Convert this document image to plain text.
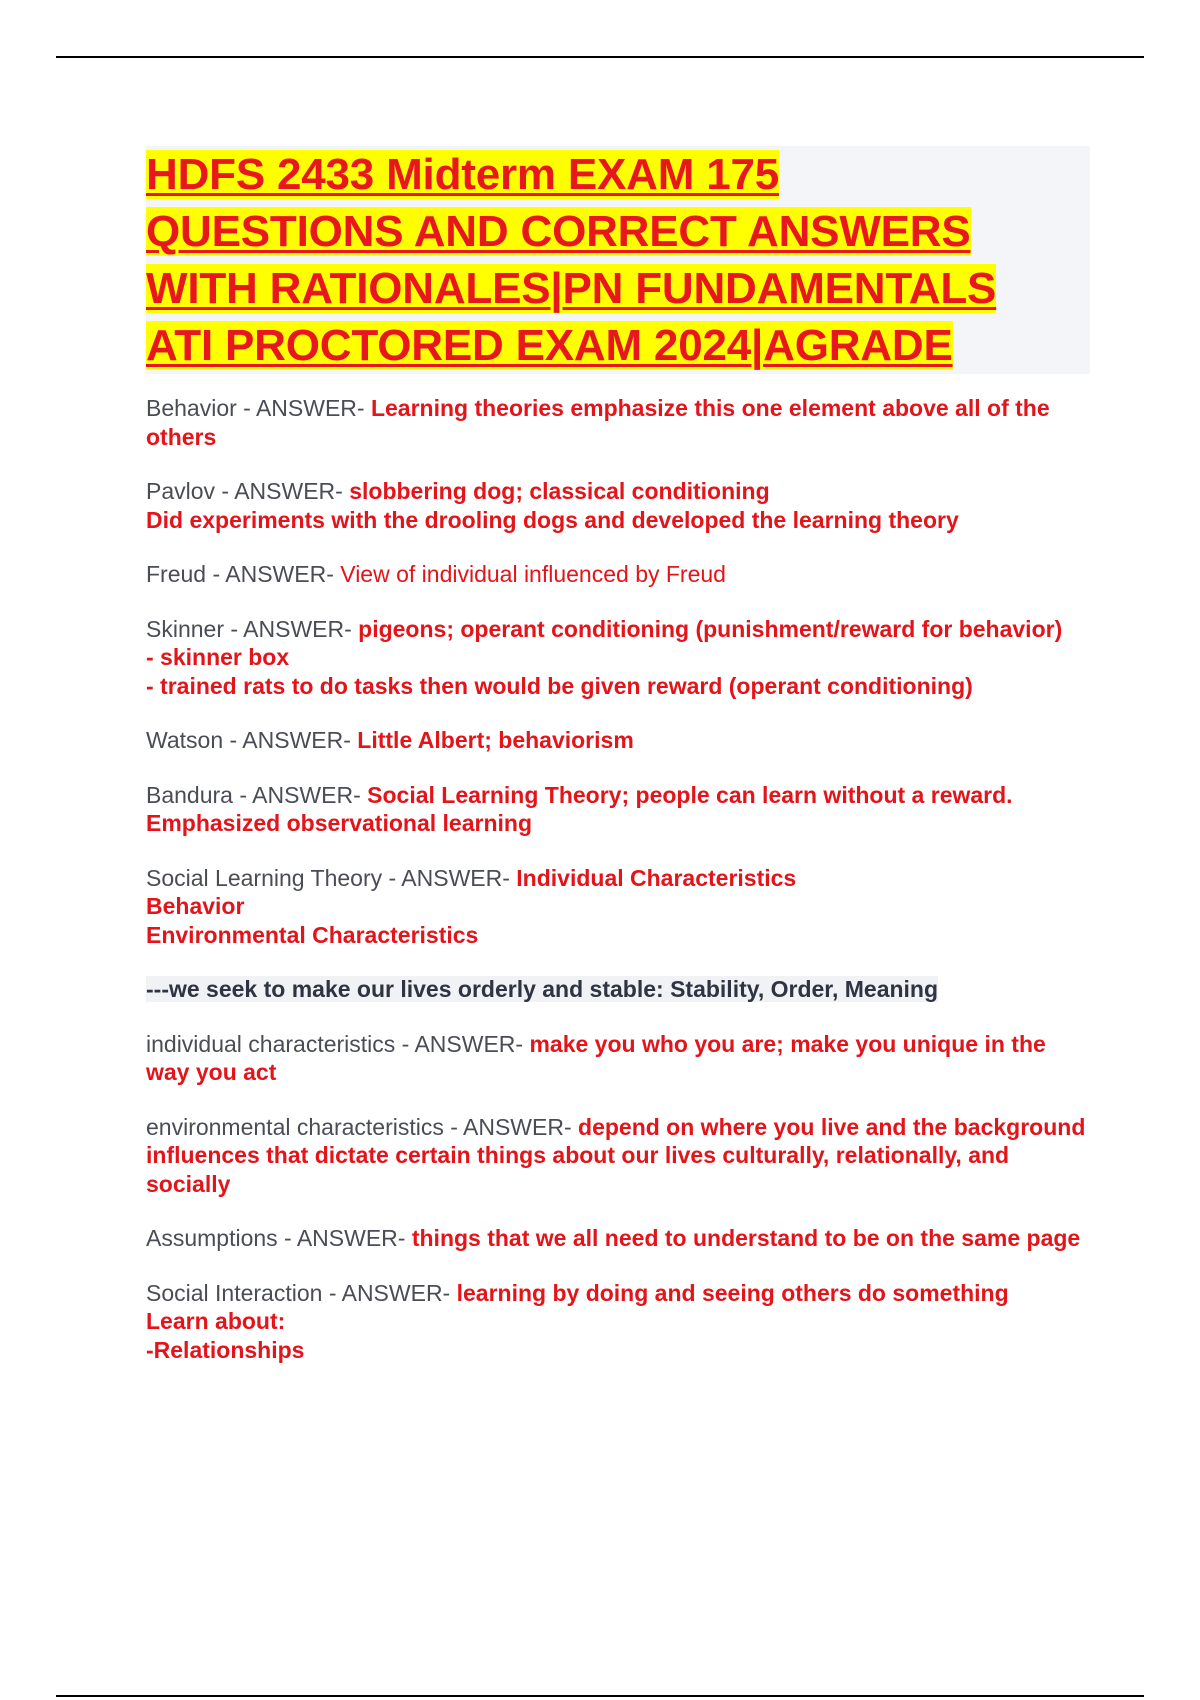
HDFS 2433 Midterm EXAM 175
QUESTIONS AND CORRECT ANSWERS
WITH RATIONALES|PN FUNDAMENTALS
ATI PROCTORED EXAM 2024|AGRADE
Behavior - ANSWER- Learning theories emphasize this one element above all of the others
Pavlov - ANSWER- slobbering dog; classical conditioning
Did experiments with the drooling dogs and developed the learning theory
Freud - ANSWER- View of individual influenced by Freud
Skinner - ANSWER- pigeons; operant conditioning (punishment/reward for behavior)
- skinner box
- trained rats to do tasks then would be given reward (operant conditioning)
Watson - ANSWER- Little Albert; behaviorism
Bandura - ANSWER- Social Learning Theory; people can learn without a reward.
Emphasized observational learning
Social Learning Theory - ANSWER- Individual Characteristics
Behavior
Environmental Characteristics
---we seek to make our lives orderly and stable: Stability, Order, Meaning
individual characteristics - ANSWER- make you who you are; make you unique in the way you act
environmental characteristics - ANSWER- depend on where you live and the background influences that dictate certain things about our lives culturally, relationally, and socially
Assumptions - ANSWER- things that we all need to understand to be on the same page
Social Interaction - ANSWER- learning by doing and seeing others do something
Learn about:
-Relationships
